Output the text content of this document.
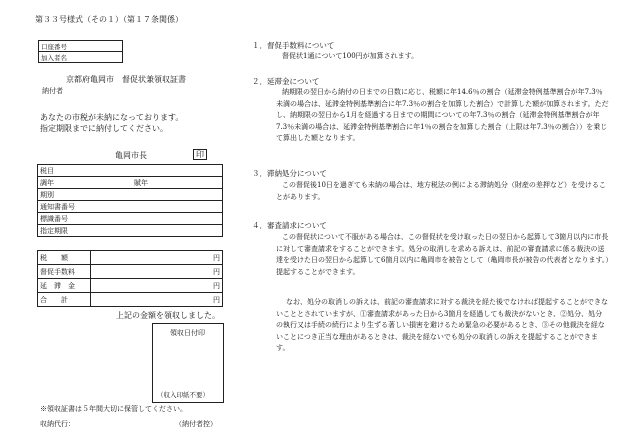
第３３号様式（その１）（第１７条関係）
口座番号
加入者名
京都府亀岡市　督促状兼領収証書
納付者
あなたの市税が未納になっております。
指定期限までに納付してください。
亀岡市長	印
税目
調年	賦年
期別
通知書番号
標識番号
指定期限
税　　額	円
督促手数料	円
延　滞　金	円
合　　計	円
上記の金額を領収しました。
領収日付印
（収入印紙不要）
※領収証書は５年間大切に保管してください。
収納代行：	（納付者控）
１．督促手数料について
督促状1通について100円が加算されます。
２．延滞金について
納期限の翌日から納付の日までの日数に応じ、税額に年14.6％の割合（延滞金特例基準割合が年7.3％未満の場合は、延滞金特例基準割合に年7.3％の割合を加算した割合）で計算した額が加算されます。ただし、納期限の翌日から1月を経過する日までの期間についての年7.3％の割合（延滞金特例基準割合が年7.3％未満の場合は、延滞金特例基準割合に年1％の割合を加算した割合（上限は年7.3％の割合））を乗じて算出した額となります。
３．滞納処分について
この督促後10日を過ぎても未納の場合は、地方税法の例による滞納処分（財産の差押など）を受けることがあります。
４．審査請求について
この督促状について不服がある場合は、この督促状を受け取った日の翌日から起算して3箇月以内に市長に対して審査請求をすることができます。処分の取消しを求める訴えは、前記の審査請求に係る裁決の送達を受けた日の翌日から起算して6箇月以内に亀岡市を被告として（亀岡市長が被告の代表者となります。）提起することができます。
なお、処分の取消しの訴えは、前記の審査請求に対する裁決を経た後でなければ提起することができないこととされていますが、①審査請求があった日から3箇月を経過しても裁決がないとき、②処分、処分の執行又は手続の続行により生ずる著しい損害を避けるため緊急の必要があるとき、③その他裁決を経ないことにつき正当な理由があるときは、裁決を経ないでも処分の取消しの訴えを提起することができます。
